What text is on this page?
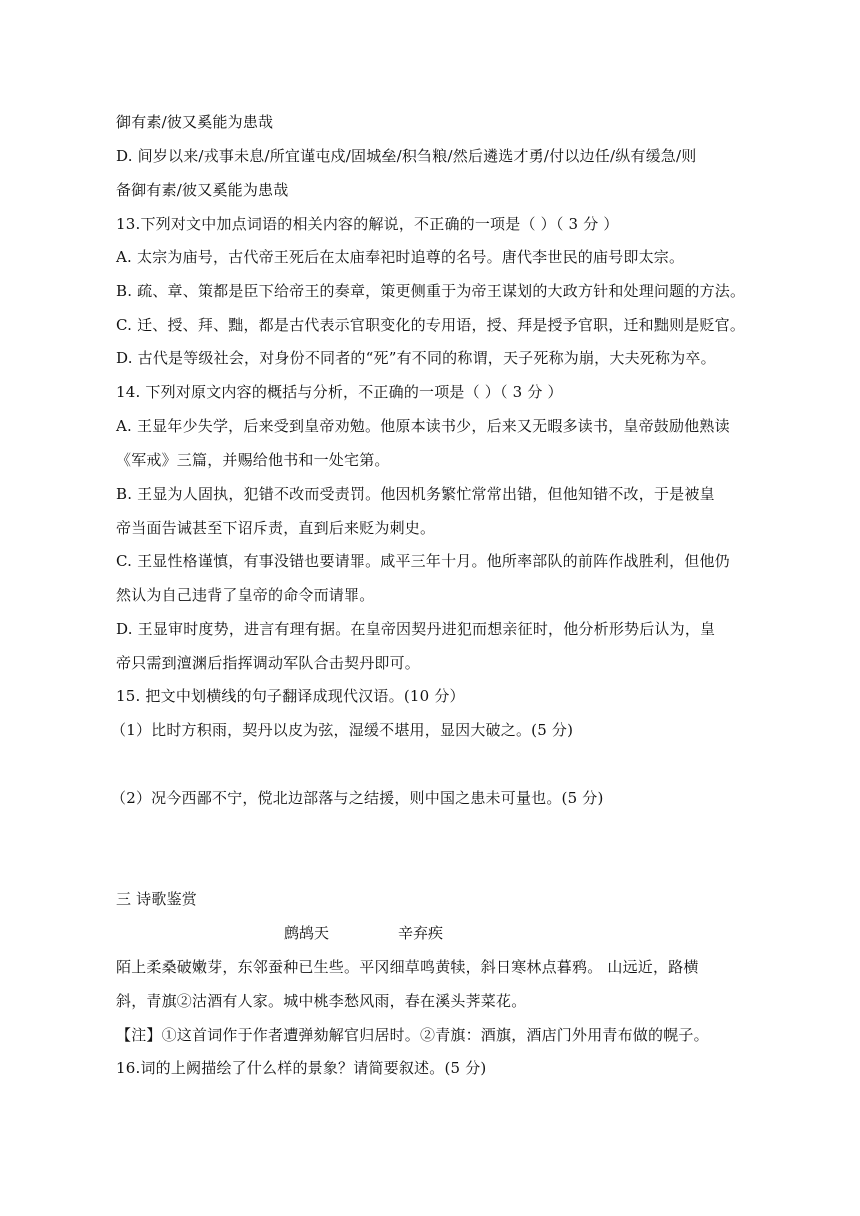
御有素/彼又奚能为患哉
D. 间岁以来/戎事未息/所宜谨屯戍/固城垒/积刍粮/然后遴选才勇/付以边任/纵有缓急/则
备御有素/彼又奚能为患哉
13.下列对文中加点词语的相关内容的解说，不正确的一项是（ ）（ 3 分 ）
A. 太宗为庙号，古代帝王死后在太庙奉祀时追尊的名号。唐代李世民的庙号即太宗。
B. 疏、章、策都是臣下给帝王的奏章，策更侧重于为帝王谋划的大政方针和处理问题的方法。
C. 迁、授、拜、黜，都是古代表示官职变化的专用语，授、拜是授予官职，迁和黜则是贬官。
D. 古代是等级社会，对身份不同者的“死”有不同的称谓，天子死称为崩，大夫死称为卒。
14. 下列对原文内容的概括与分析，不正确的一项是（ ）（ 3 分 ）
A. 王显年少失学，后来受到皇帝劝勉。他原本读书少，后来又无暇多读书，皇帝鼓励他熟读
《军戒》三篇，并赐给他书和一处宅第。
B. 王显为人固执，犯错不改而受责罚。他因机务繁忙常常出错，但他知错不改，于是被皇
帝当面告诫甚至下诏斥责，直到后来贬为刺史。
C. 王显性格谨慎，有事没错也要请罪。咸平三年十月。他所率部队的前阵作战胜利，但他仍
然认为自己违背了皇帝的命令而请罪。
D. 王显审时度势，进言有理有据。在皇帝因契丹进犯而想亲征时，他分析形势后认为，皇
帝只需到澶渊后指挥调动军队合击契丹即可。
15. 把文中划横线的句子翻译成现代汉语。(10 分）
（1）比时方积雨，契丹以皮为弦，湿缓不堪用，显因大破之。(5 分)
（2）况今西鄙不宁，傥北边部落与之结援，则中国之患未可量也。(5 分)
三 诗歌鉴赏
鹧鸪天	辛弃疾
陌上柔桑破嫩芽，东邻蚕种已生些。平冈细草鸣黄犊，斜日寒林点暮鸦。 山远近，路横
斜，青旗②沽酒有人家。城中桃李愁风雨，春在溪头荠菜花。
【注】①这首词作于作者遭弹劾解官归居时。②青旗：酒旗，酒店门外用青布做的幌子。
16.词的上阙描绘了什么样的景象？请简要叙述。(5 分)
